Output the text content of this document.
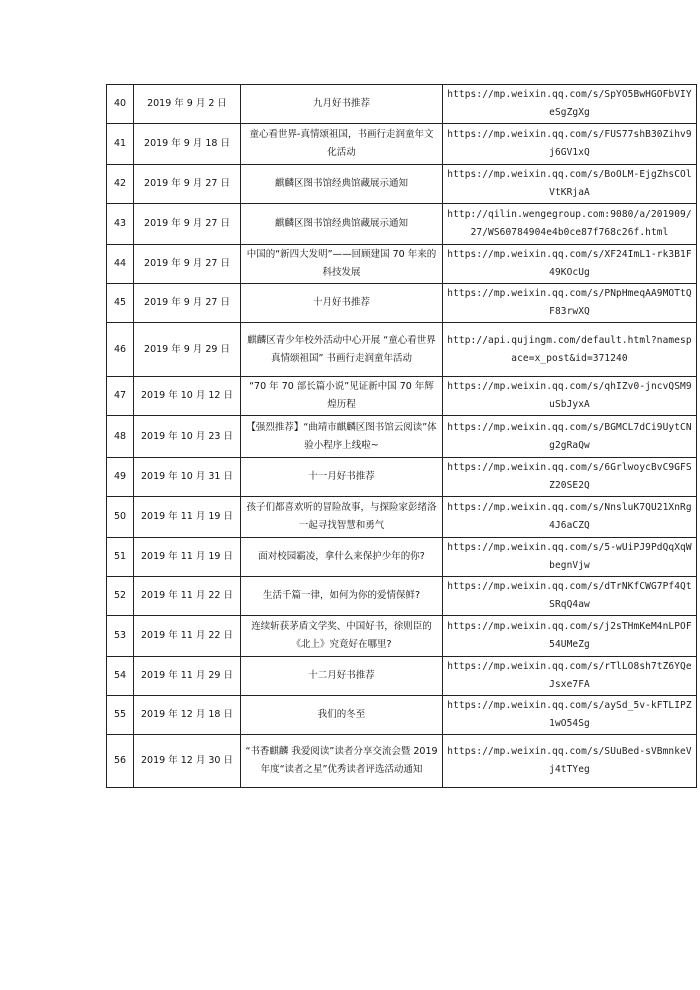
40	2019 年 9 月 2 日	九月好书推荐	https://mp.weixin.qq.com/s/SpYO5BwHGOFbVIYeSgZgXg
41	2019 年 9 月 18 日	童心看世界-真情颂祖国，书画行走润童年文化活动	https://mp.weixin.qq.com/s/FUS77shB30Zihv9j6GV1xQ
42	2019 年 9 月 27 日	麒麟区图书馆经典馆藏展示通知	https://mp.weixin.qq.com/s/BoOLM-EjgZhsCOlVtKRjaA
43	2019 年 9 月 27 日	麒麟区图书馆经典馆藏展示通知	http://qilin.wengegroup.com:9080/a/201909/27/WS60784904e4b0ce87f768c26f.html
44	2019 年 9 月 27 日	中国的“新四大发明”——回顾建国 70 年来的科技发展	https://mp.weixin.qq.com/s/XF24ImL1-rk3B1F49KOcUg
45	2019 年 9 月 27 日	十月好书推荐	https://mp.weixin.qq.com/s/PNpHmeqAA9MOTtQF83rwXQ
46	2019 年 9 月 29 日	麒麟区青少年校外活动中心开展 “童心看世界 真情颂祖国” 书画行走润童年活动	http://api.qujingm.com/default.html?namespace=x_post&id=371240
47	2019 年 10 月 12 日	“70 年 70 部长篇小说”见证新中国 70 年辉煌历程	https://mp.weixin.qq.com/s/qhIZv0-jncvQSM9uSbJyxA
48	2019 年 10 月 23 日	【强烈推荐】“曲靖市麒麟区图书馆云阅读”体验小程序上线啦~	https://mp.weixin.qq.com/s/BGMCL7dCi9UytCNg2gRaQw
49	2019 年 10 月 31 日	十一月好书推荐	https://mp.weixin.qq.com/s/6GrlwoycBvC9GFSZ20SE2Q
50	2019 年 11 月 19 日	孩子们都喜欢听的冒险故事，与探险家彭绪洛一起寻找智慧和勇气	https://mp.weixin.qq.com/s/NnsluK7QU21XnRg4J6aCZQ
51	2019 年 11 月 19 日	面对校园霸凌，拿什么来保护少年的你?	https://mp.weixin.qq.com/s/5-wUiPJ9PdQqXqWbegnVjw
52	2019 年 11 月 22 日	生活千篇一律，如何为你的爱情保鲜?	https://mp.weixin.qq.com/s/dTrNKfCWG7Pf4QtSRqQ4aw
53	2019 年 11 月 22 日	连续斩获茅盾文学奖、中国好书，徐则臣的《北上》究竟好在哪里?	https://mp.weixin.qq.com/s/j2sTHmKeM4nLPOF54UMeZg
54	2019 年 11 月 29 日	十二月好书推荐	https://mp.weixin.qq.com/s/rTlLO8sh7tZ6YQeJsxe7FA
55	2019 年 12 月 18 日	我们的冬至	https://mp.weixin.qq.com/s/aySd_5v-kFTLIPZ1wO54Sg
56	2019 年 12 月 30 日	“书香麒麟 我爱阅读”读者分享交流会暨 2019 年度“读者之星”优秀读者评选活动通知	https://mp.weixin.qq.com/s/SUuBed-sVBmnkeVj4tTYeg
